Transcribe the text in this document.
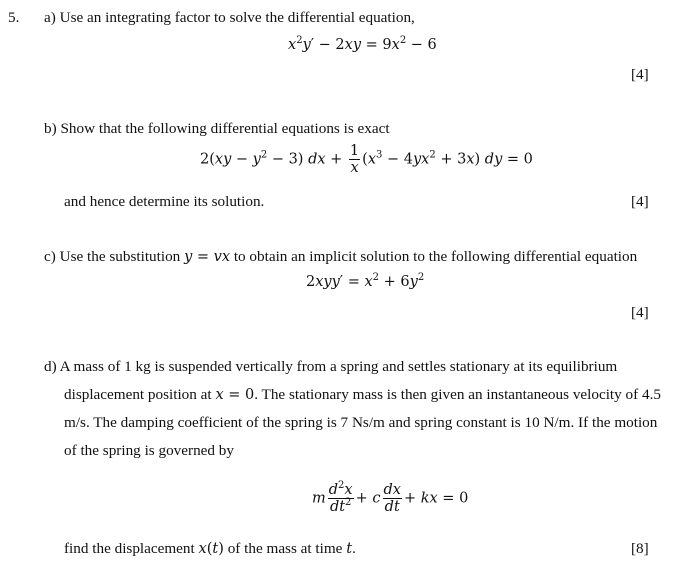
5. a) Use an integrating factor to solve the differential equation,
$x^2y' - 2xy = 9x^2 - 6$
[4]
b) Show that the following differential equations is exact
$2(xy - y^2 - 3)$ dx + $\frac{1}{x} (x^3 - 4yx^2 + 3x)$ dy = 0
and hence determine its solution.	[4]
c) Use the substitution y = vx to obtain an implicit solution to the following differential equation
$2xyy' = x^2 + 6y^2$
[4]
d) A mass of 1 kg is suspended vertically from a spring and settles stationary at its equilibrium
displacement position at x = 0. The stationary mass is then given an instantaneous velocity of 4.5
m/s. The damping coefficient of the spring is 7 Ns/m and spring constant is 10 N/m. If the motion
of the spring is governed by
m $\frac{d^2x}{dt^2} + c \frac{dx}{dt}$ + kx = 0
find the displacement x(t) of the mass at time t.	[8]
